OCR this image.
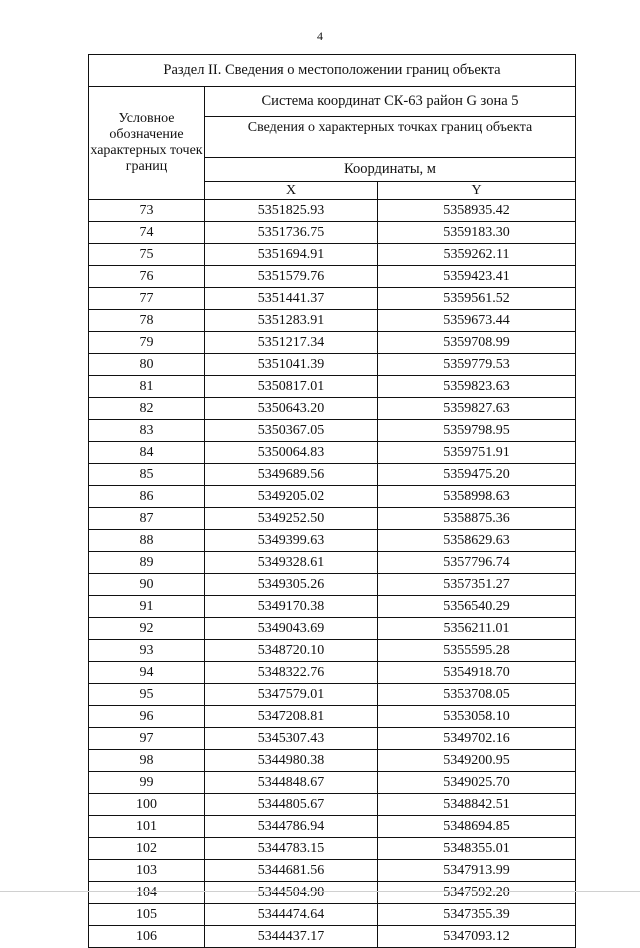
4
Раздел II. Сведения о местоположении границ объекта		
Условное обозначение характерных точек границ	Система координат СК-63 район G зона 5	
	Сведения о характерных точках границ объекта	
	Координаты, м	
	X	Y
73	5351825.93	5358935.42
74	5351736.75	5359183.30
75	5351694.91	5359262.11
76	5351579.76	5359423.41
77	5351441.37	5359561.52
78	5351283.91	5359673.44
79	5351217.34	5359708.99
80	5351041.39	5359779.53
81	5350817.01	5359823.63
82	5350643.20	5359827.63
83	5350367.05	5359798.95
84	5350064.83	5359751.91
85	5349689.56	5359475.20
86	5349205.02	5358998.63
87	5349252.50	5358875.36
88	5349399.63	5358629.63
89	5349328.61	5357796.74
90	5349305.26	5357351.27
91	5349170.38	5356540.29
92	5349043.69	5356211.01
93	5348720.10	5355595.28
94	5348322.76	5354918.70
95	5347579.01	5353708.05
96	5347208.81	5353058.10
97	5345307.43	5349702.16
98	5344980.38	5349200.95
99	5344848.67	5349025.70
100	5344805.67	5348842.51
101	5344786.94	5348694.85
102	5344783.15	5348355.01
103	5344681.56	5347913.99
104	5344504.90	5347592.20
105	5344474.64	5347355.39
106	5344437.17	5347093.12
